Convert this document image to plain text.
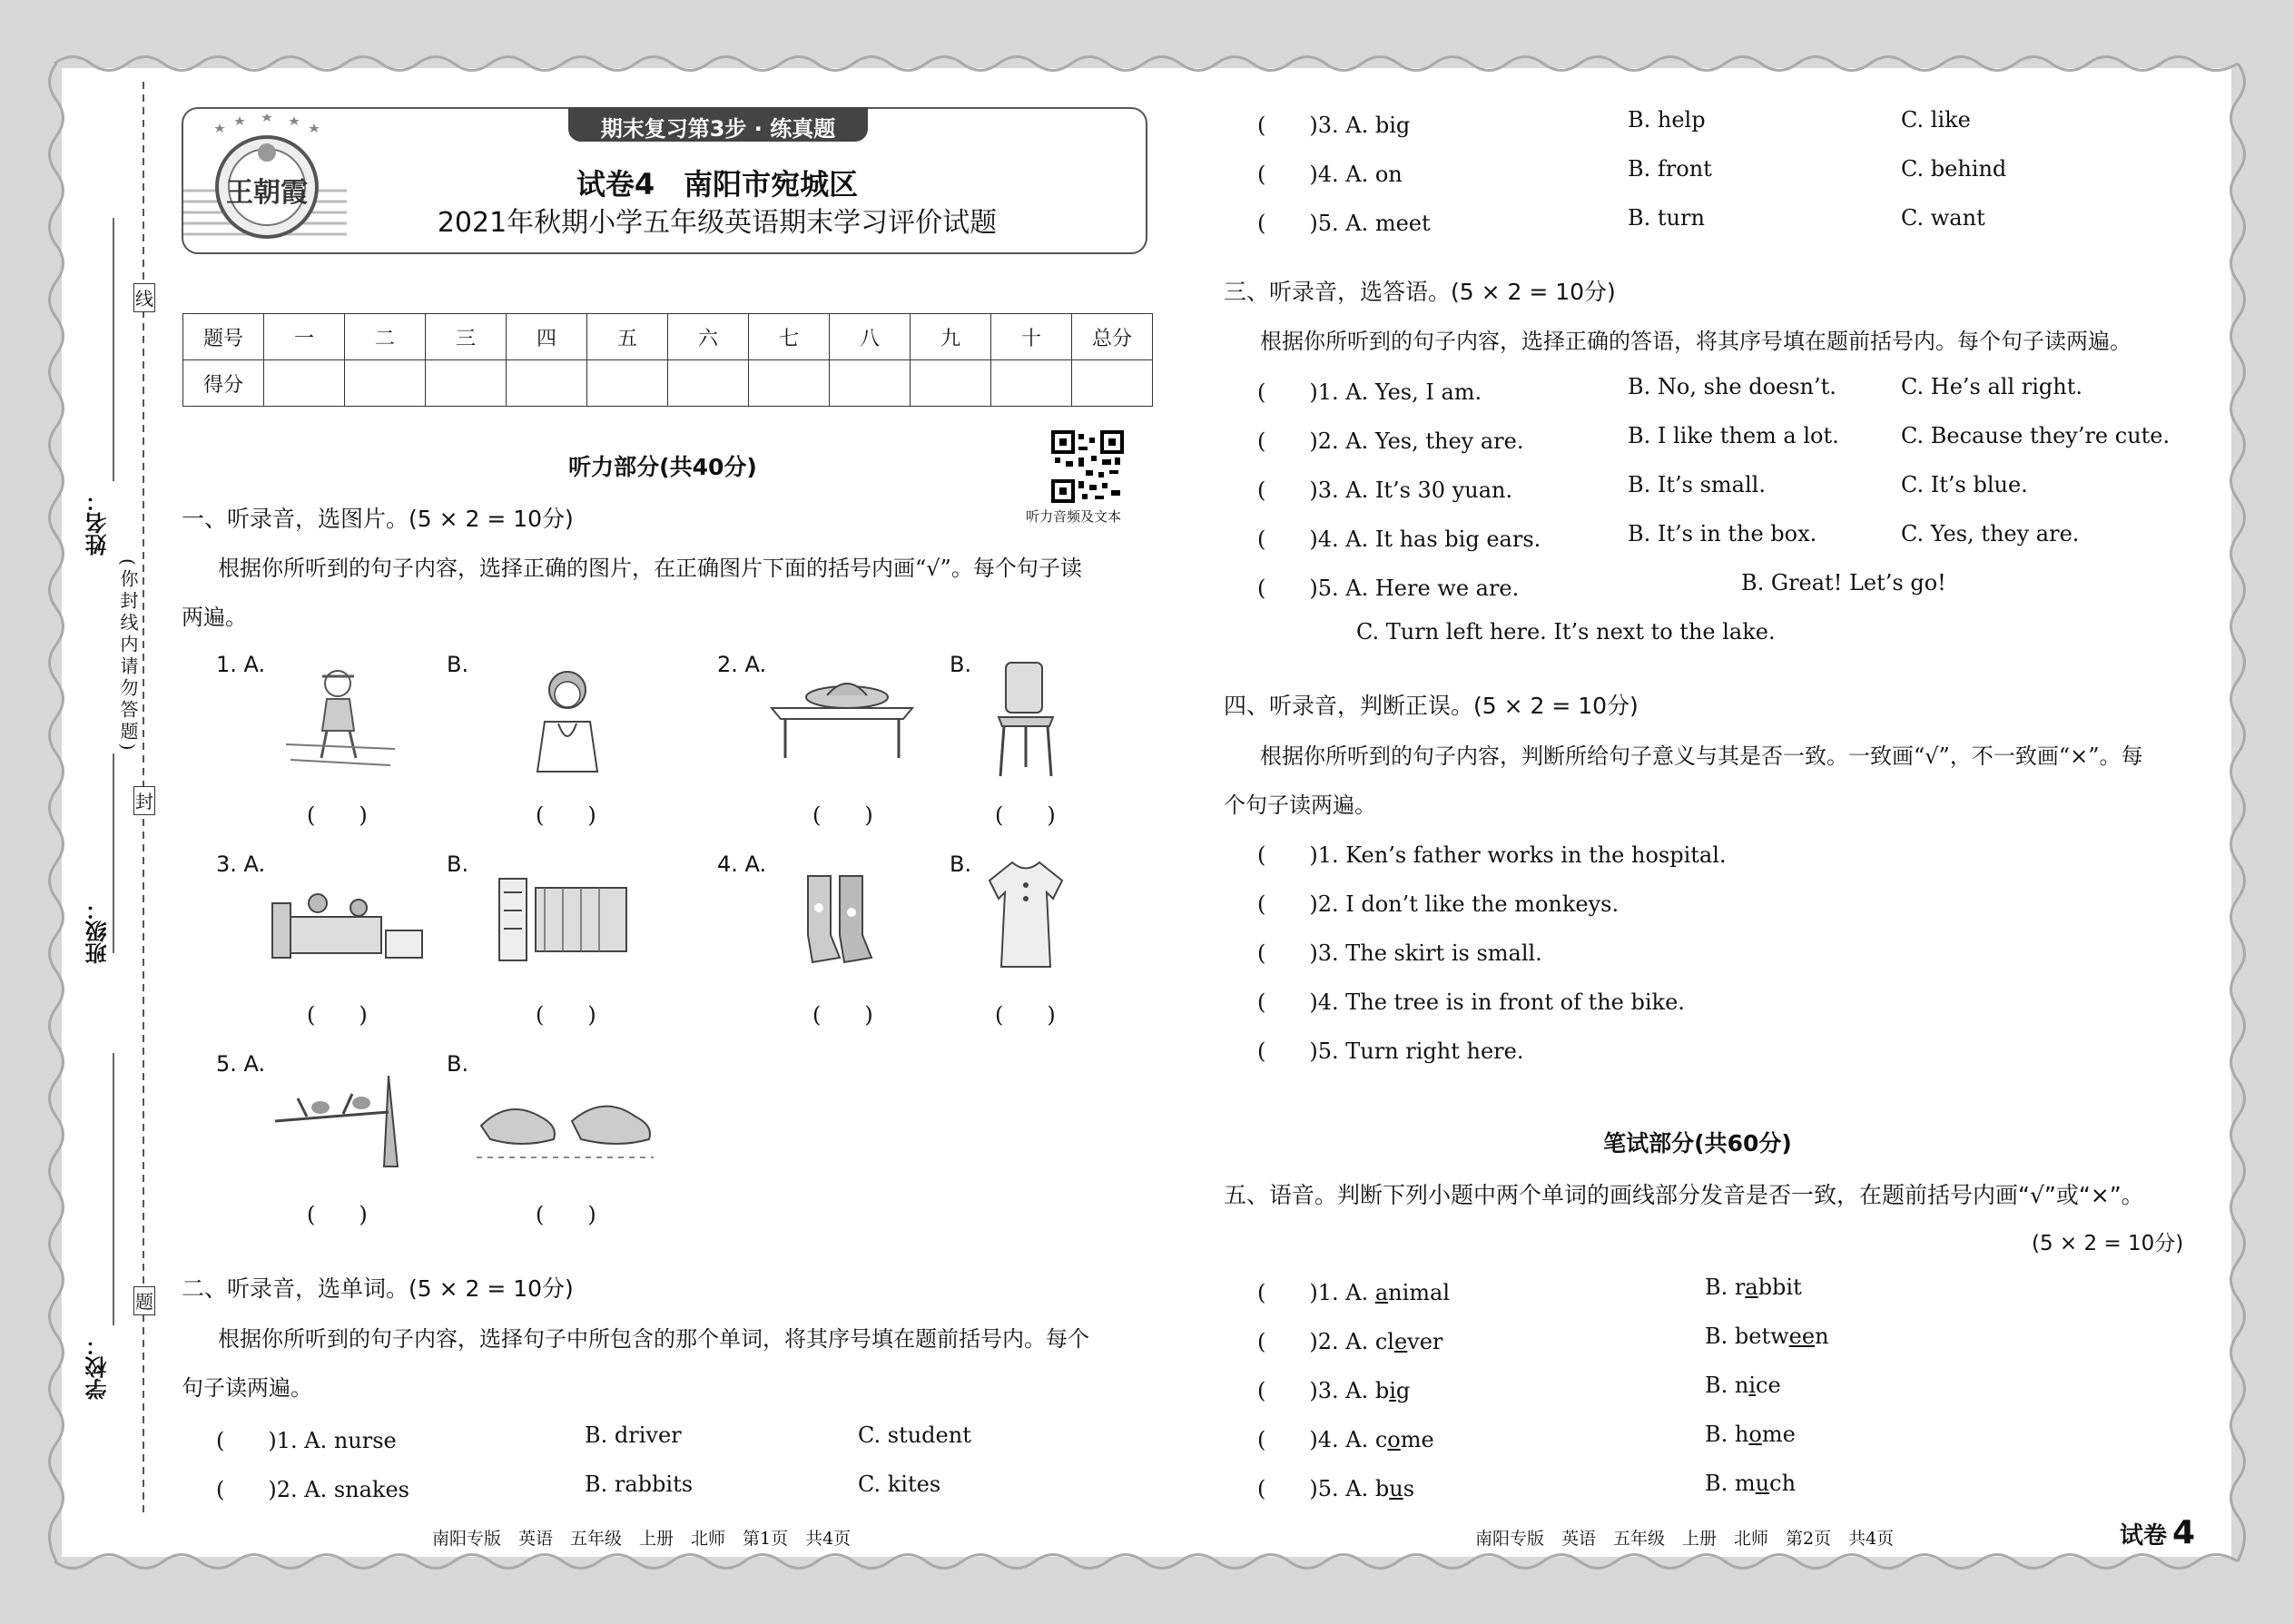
线
封
题
姓名：
班级：
学校：
(你封线内请勿答题)
王朝霞
期末复习第3步 · 练真题
试卷4　南阳市宛城区
2021年秋期小学五年级英语期末学习评价试题
题号	一	二	三	四	五	六	七	八	九	十	总分
得分											
听力部分(共40分)
听力音频及文本
一、听录音，选图片。(5 × 2 = 10分)
根据你所听到的句子内容，选择正确的图片，在正确图片下面的括号内画“√”。每个句子读
两遍。
1. A.	B.	2. A.	B.
3. A.	B.	4. A.	B.
5. A.	B.
(　　)	(　　)	(　　)	(　　)
(　　)	(　　)	(　　)	(　　)
(　　)	(　　)
二、听录音，选单词。(5 × 2 = 10分)
根据你所听到的句子内容，选择句子中所包含的那个单词，将其序号填在题前括号内。每个
句子读两遍。
(　　)1. A. nurse	B. driver	C. student
(　　)2. A. snakes	B. rabbits	C. kites
(　　)3. A. big	B. help	C. like
(　　)4. A. on	B. front	C. behind
(　　)5. A. meet	B. turn	C. want
三、听录音，选答语。(5 × 2 = 10分)
根据你所听到的句子内容，选择正确的答语，将其序号填在题前括号内。每个句子读两遍。
(　　)1. A. Yes, I am.	B. No, she doesn’t.	C. He’s all right.
(　　)2. A. Yes, they are.	B. I like them a lot.	C. Because they’re cute.
(　　)3. A. It’s 30 yuan.	B. It’s small.	C. It’s blue.
(　　)4. A. It has big ears.	B. It’s in the box.	C. Yes, they are.
(　　)5. A. Here we are.	B. Great! Let’s go!
C. Turn left here. It’s next to the lake.
四、听录音，判断正误。(5 × 2 = 10分)
根据你所听到的句子内容，判断所给句子意义与其是否一致。一致画“√”，不一致画“×”。每
个句子读两遍。
(　　)1. Ken’s father works in the hospital.
(　　)2. I don’t like the monkeys.
(　　)3. The skirt is small.
(　　)4. The tree is in front of the bike.
(　　)5. Turn right here.
笔试部分(共60分)
五、语音。判断下列小题中两个单词的画线部分发音是否一致，在题前括号内画“√”或“×”。
(5 × 2 = 10分)
(　　)1. A. animal	B. rabbit
(　　)2. A. clever	B. between
(　　)3. A. big	B. nice
(　　)4. A. come	B. home
(　　)5. A. bus	B. much
南阳专版　英语　五年级　上册　北师　第1页　共4页	南阳专版　英语　五年级　上册　北师　第2页　共4页	试卷 4
